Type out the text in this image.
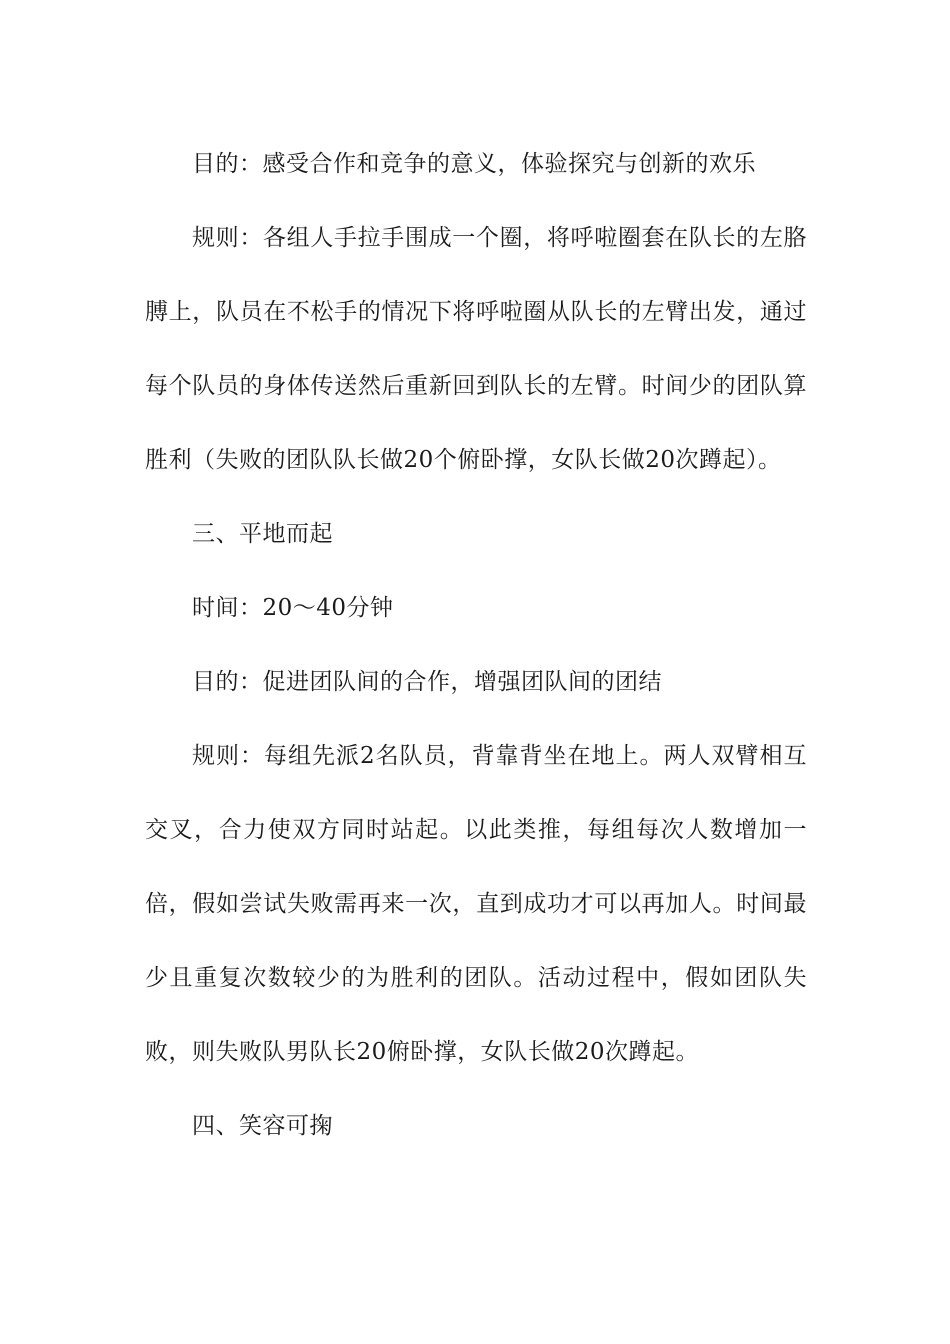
目的：感受合作和竞争的意义，体验探究与创新的欢乐

规则：各组人手拉手围成一个圈，将呼啦圈套在队长的左胳膊上，队员在不松手的情况下将呼啦圈从队长的左臂出发，通过每个队员的身体传送然后重新回到队长的左臂。时间少的团队算胜利（失败的团队队长做20个俯卧撑，女队长做20次蹲起）。

三、平地而起

时间：20～40分钟

目的：促进团队间的合作，增强团队间的团结

规则：每组先派2名队员，背靠背坐在地上。两人双臂相互交叉，合力使双方同时站起。以此类推，每组每次人数增加一倍，假如尝试失败需再来一次，直到成功才可以再加人。时间最少且重复次数较少的为胜利的团队。活动过程中，假如团队失败，则失败队男队长20俯卧撑，女队长做20次蹲起。

四、笑容可掬
